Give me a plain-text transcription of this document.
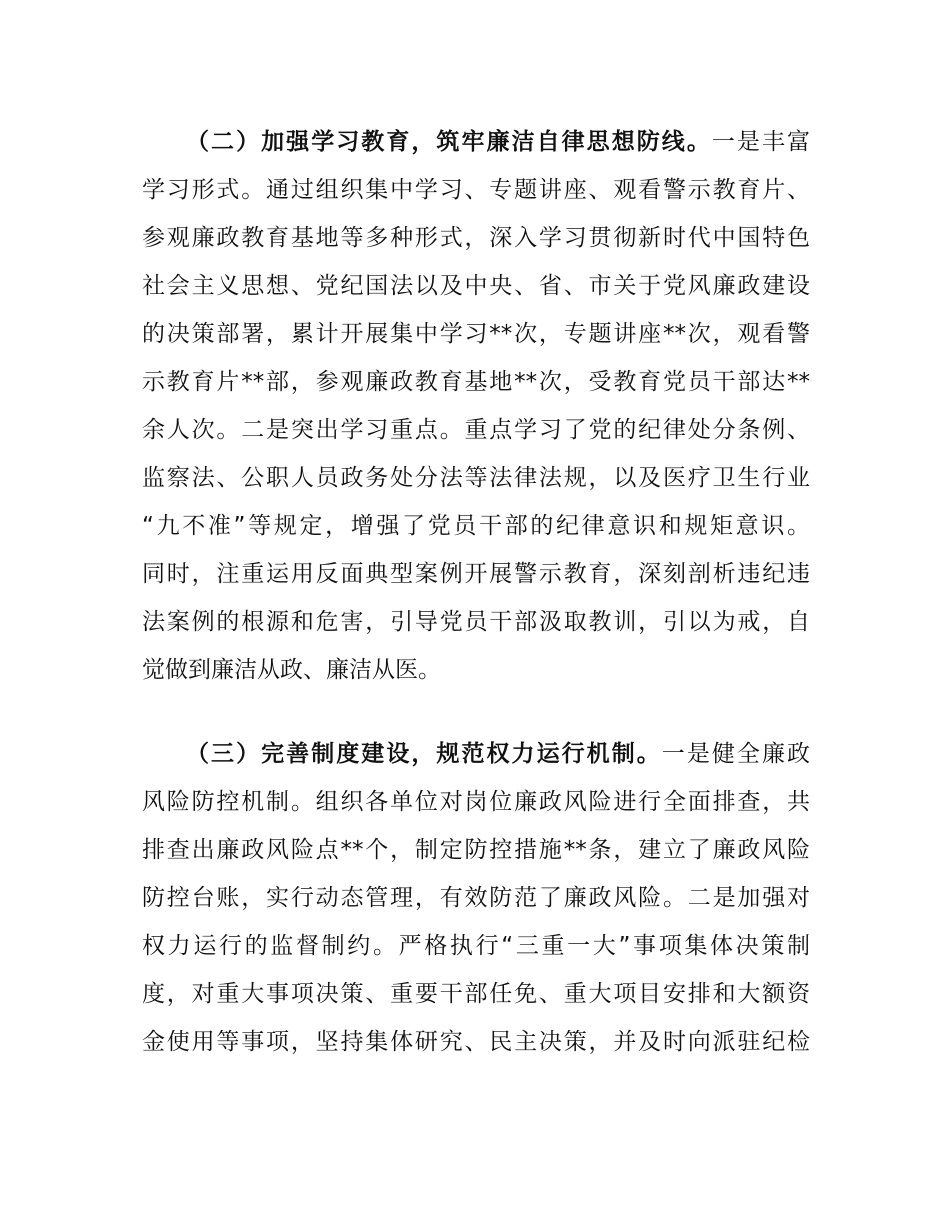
（二）加强学习教育，筑牢廉洁自律思想防线。一是丰富
学习形式。通过组织集中学习、专题讲座、观看警示教育片、
参观廉政教育基地等多种形式，深入学习贯彻新时代中国特色
社会主义思想、党纪国法以及中央、省、市关于党风廉政建设
的决策部署，累计开展集中学习**次，专题讲座**次，观看警
示教育片**部，参观廉政教育基地**次，受教育党员干部达**
余人次。二是突出学习重点。重点学习了党的纪律处分条例、
监察法、公职人员政务处分法等法律法规，以及医疗卫生行业
“九不准”等规定，增强了党员干部的纪律意识和规矩意识。
同时，注重运用反面典型案例开展警示教育，深刻剖析违纪违
法案例的根源和危害，引导党员干部汲取教训，引以为戒，自
觉做到廉洁从政、廉洁从医。
（三）完善制度建设，规范权力运行机制。一是健全廉政
风险防控机制。组织各单位对岗位廉政风险进行全面排查，共
排查出廉政风险点**个，制定防控措施**条，建立了廉政风险
防控台账，实行动态管理，有效防范了廉政风险。二是加强对
权力运行的监督制约。严格执行“三重一大”事项集体决策制
度，对重大事项决策、重要干部任免、重大项目安排和大额资
金使用等事项，坚持集体研究、民主决策，并及时向派驻纪检
